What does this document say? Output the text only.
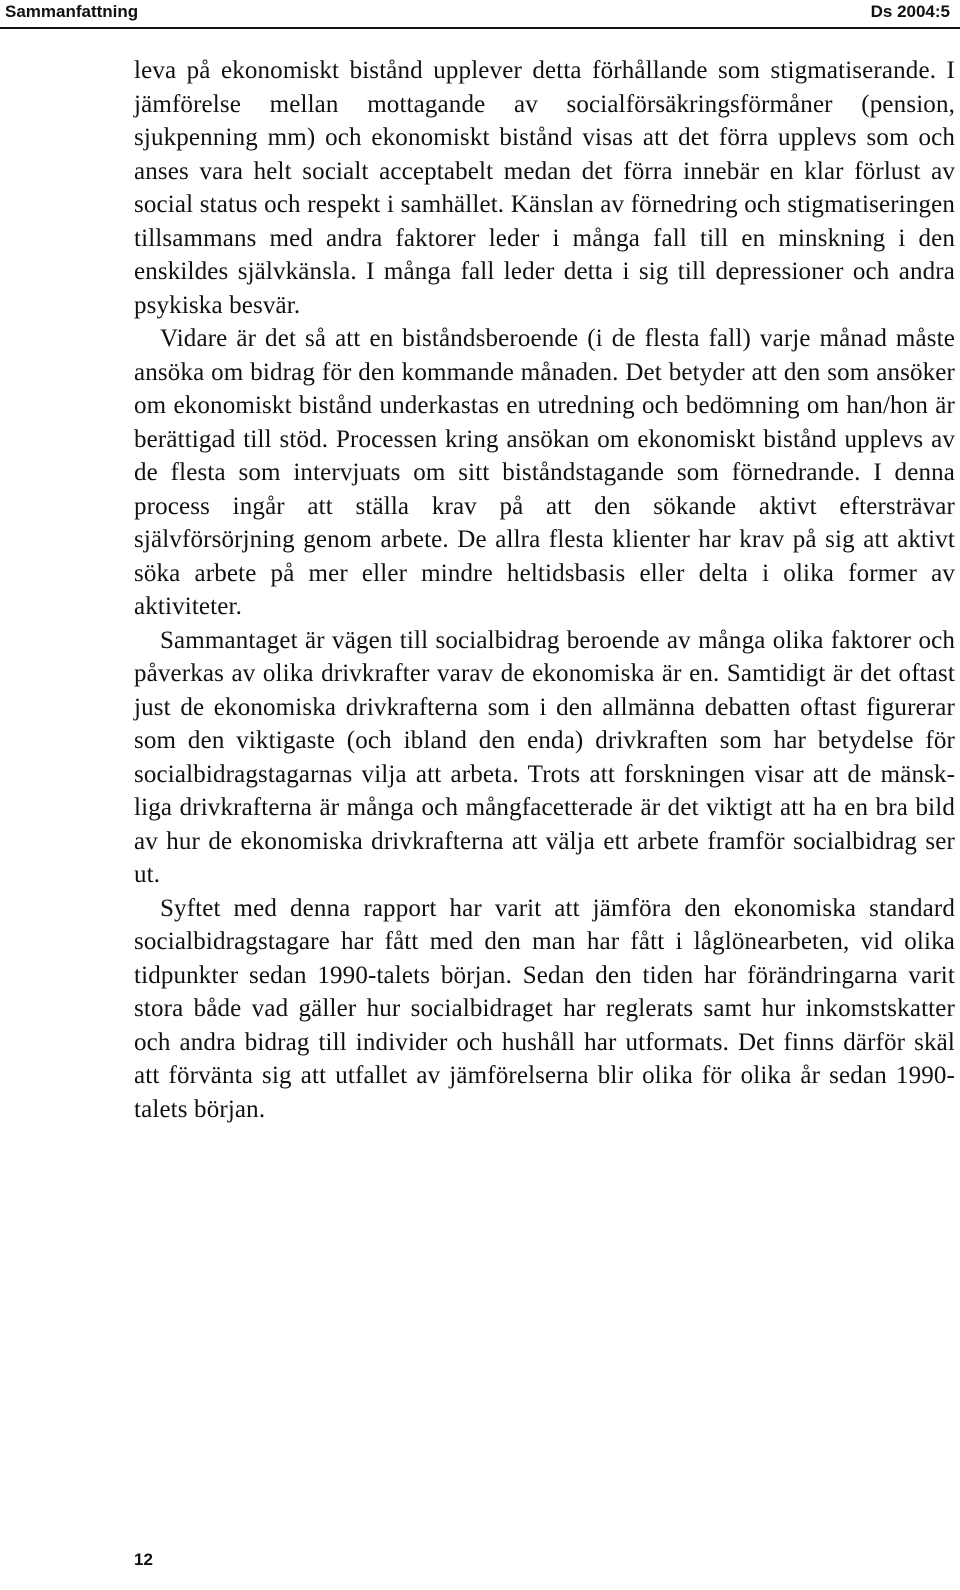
Sammanfattning	Ds 2004:5

leva på ekonomiskt bistånd upplever detta förhållande som stigmatiserande. I jämförelse mellan mottagande av socialförsäkringsförmåner (pension, sjukpenning mm) och ekonomiskt bistånd visas att det förra upplevs som och anses vara helt socialt acceptabelt medan det förra innebär en klar förlust av social status och respekt i samhället. Känslan av förnedring och stigmatiseringen tillsammans med andra faktorer leder i många fall till en minskning i den enskildes självkänsla. I många fall leder detta i sig till depressioner och andra psykiska besvär.

Vidare är det så att en biståndsberoende (i de flesta fall) varje månad måste ansöka om bidrag för den kommande månaden. Det betyder att den som ansöker om ekonomiskt bistånd underkastas en utredning och bedömning om han/hon är berättigad till stöd. Processen kring ansökan om ekonomiskt bistånd upplevs av de flesta som intervjuats om sitt biståndstagande som förnedrande. I denna process ingår att ställa krav på att den sökande aktivt eftersträvar självförsörjning genom arbete. De allra flesta klienter har krav på sig att aktivt söka arbete på mer eller mindre heltidsbasis eller delta i olika former av aktiviteter.

Sammantaget är vägen till socialbidrag beroende av många olika faktorer och påverkas av olika drivkrafter varav de ekonomiska är en. Samtidigt är det oftast just de ekonomiska drivkrafterna som i den allmänna debatten oftast figurerar som den viktigaste (och ibland den enda) drivkraften som har betydelse för socialbidragstagarnas vilja att arbeta. Trots att forskningen visar att de mänskliga drivkrafterna är många och mångfacetterade är det viktigt att ha en bra bild av hur de ekonomiska drivkrafterna att välja ett arbete framför socialbidrag ser ut.

Syftet med denna rapport har varit att jämföra den ekonomiska standard socialbidragstagare har fått med den man har fått i låglönearbeten, vid olika tidpunkter sedan 1990-talets början. Sedan den tiden har förändringarna varit stora både vad gäller hur socialbidraget har reglerats samt hur inkomstskatter och andra bidrag till individer och hushåll har utformats. Det finns därför skäl att förvänta sig att utfallet av jämförelserna blir olika för olika år sedan 1990-talets början.

12
